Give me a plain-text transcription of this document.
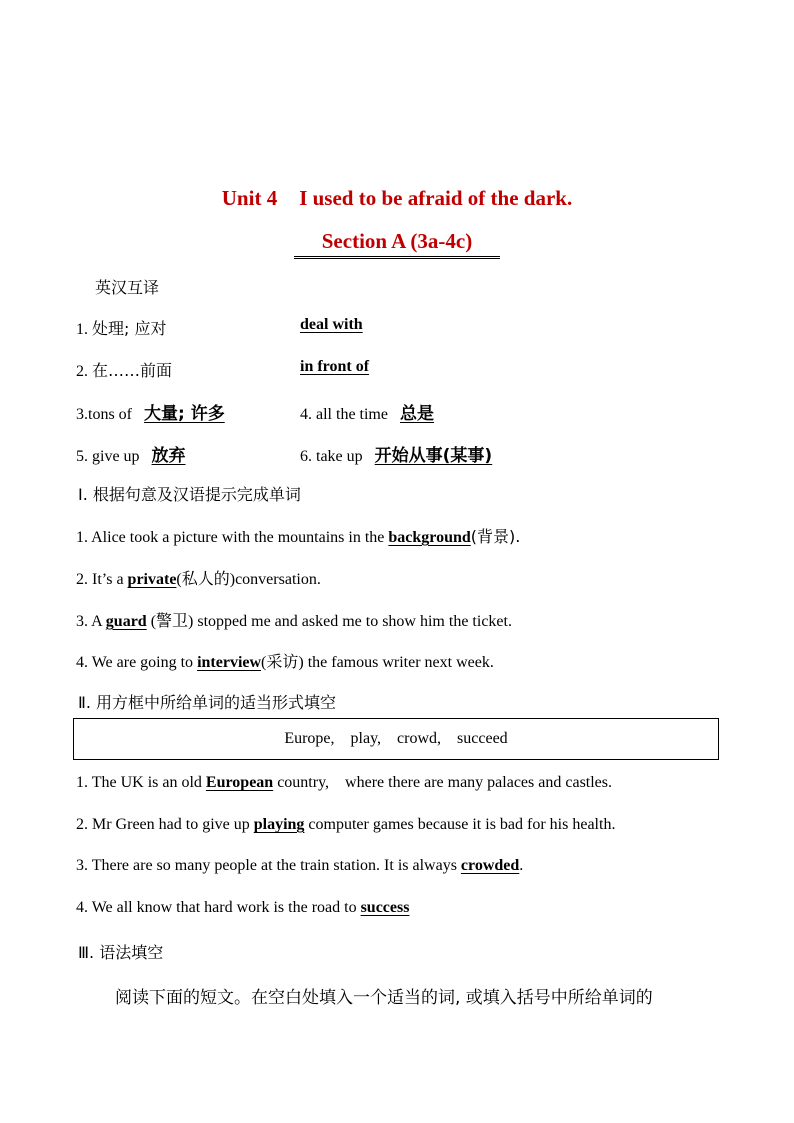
Unit 4 I used to be afraid of the dark.
Section A (3a-4c)
英汉互译
1. 处理; 应对	deal with
2. 在……前面	in front of
3.tons of 大量; 许多	4. all the time 总是
5. give up 放弃	6. take up 开始从事(某事)
Ⅰ. 根据句意及汉语提示完成单词
1. Alice took a picture with the mountains in the background(背景).
2. It’s a private(私人的)conversation.
3. A guard (警卫) stopped me and asked me to show him the ticket.
4. We are going to interview(采访) the famous writer next week.
Ⅱ. 用方框中所给单词的适当形式填空
Europe, play, crowd, succeed
1. The UK is an old European country,    where there are many palaces and castles.
2. Mr Green had to give up playing computer games because it is bad for his health.
3. There are so many people at the train station. It is always crowded.
4. We all know that hard work is the road to success
Ⅲ. 语法填空
阅读下面的短文。在空白处填入一个适当的词, 或填入括号中所给单词的
